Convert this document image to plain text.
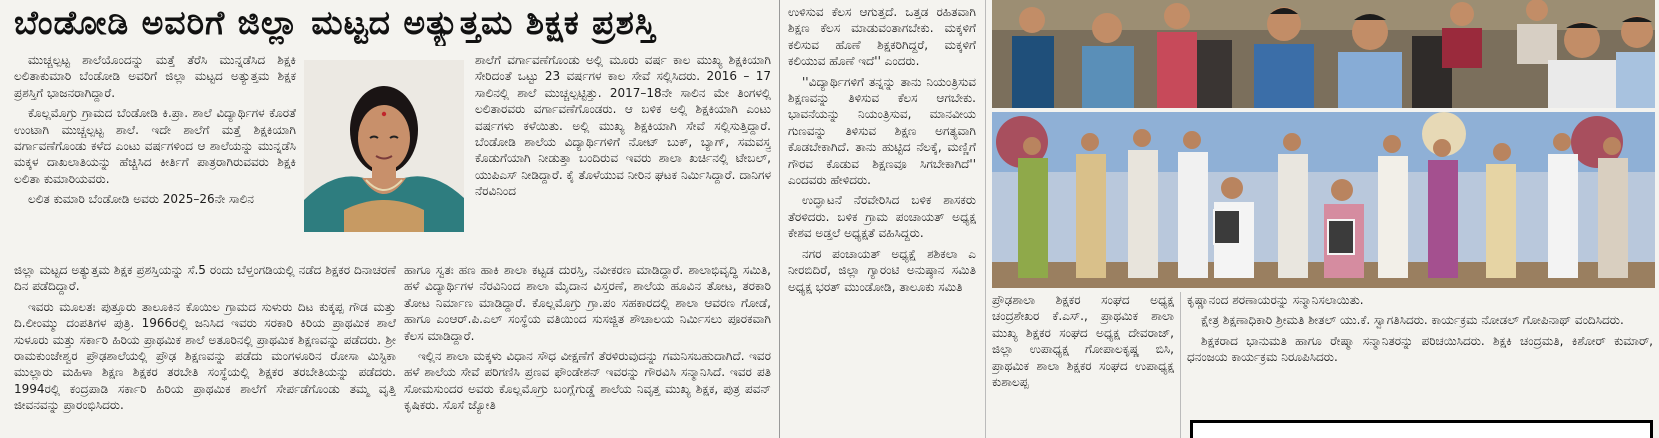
ಬೆಂಡೋಡಿ ಅವರಿಗೆ ಜಿಲ್ಲಾ ಮಟ್ಟದ ಅತ್ಯುತ್ತಮ ಶಿಕ್ಷಕ ಪ್ರಶಸ್ತಿ

ಮುಚ್ಚಲ್ಪಟ್ಟ ಶಾಲೆಯೊಂದನ್ನು ಮತ್ತೆ ತೆರೆಸಿ ಮುನ್ನಡೆಸಿದ ಶಿಕ್ಷಕಿ ಲಲಿತಾಕುಮಾರಿ ಬೆಂಡೋಡಿ ಅವರಿಗೆ ಜಿಲ್ಲಾ ಮಟ್ಟದ ಅತ್ಯುತ್ತಮ ಶಿಕ್ಷಕ ಪ್ರಶಸ್ತಿಗೆ ಭಾಜನರಾಗಿದ್ದಾರೆ.

ಕೊಲ್ಲಮೊಗ್ರು ಗ್ರಾಮದ ಬೆಂಡೋಡಿ ಕಿ.ಪ್ರಾ. ಶಾಲೆ ವಿದ್ಯಾರ್ಥಿಗಳ ಕೊರತೆ ಉಂಟಾಗಿ ಮುಚ್ಚಲ್ಪಟ್ಟ ಶಾಲೆ. ಇದೇ ಶಾಲೆಗೆ ಮತ್ತೆ ಶಿಕ್ಷಕಿಯಾಗಿ ವರ್ಗಾವಣೆಗೊಂಡು ಕಳೆದ ಎಂಟು ವರ್ಷಗಳಿಂದ ಆ ಶಾಲೆಯನ್ನು ಮುನ್ನಡೆಸಿ ಮಕ್ಕಳ ದಾಖಲಾತಿಯನ್ನು ಹೆಚ್ಚಿಸಿದ ಕೀರ್ತಿಗೆ ಪಾತ್ರರಾಗಿರುವವರು ಶಿಕ್ಷಕಿ ಲಲಿತಾ ಕುಮಾರಿಯವರು.

ಲಲಿತ ಕುಮಾರಿ ಬೆಂಡೋಡಿ ಅವರು 2025–26ನೇ ಸಾಲಿನ

ಶಾಲೆಗೆ ವರ್ಗಾವಣೆಗೊಂಡು ಅಲ್ಲಿ ಮೂರು ವರ್ಷ ಕಾಲ ಮುಖ್ಯ ಶಿಕ್ಷಕಿಯಾಗಿ ಸೇರಿದಂತೆ ಒಟ್ಟು 23 ವರ್ಷಗಳ ಕಾಲ ಸೇವೆ ಸಲ್ಲಿಸಿದರು. 2016 – 17 ಸಾಲಿನಲ್ಲಿ ಶಾಲೆ ಮುಚ್ಚಲ್ಪಟ್ಟಿತ್ತು. 2017–18ನೇ ಸಾಲಿನ ಮೇ ತಿಂಗಳಲ್ಲಿ ಲಲಿತಾರವರು ವರ್ಗಾವಣೆಗೊಂಡರು. ಆ ಬಳಿಕ ಅಲ್ಲಿ ಶಿಕ್ಷಕಿಯಾಗಿ ಎಂಟು ವರ್ಷಗಳು ಕಳೆಯಿತು. ಅಲ್ಲಿ ಮುಖ್ಯ ಶಿಕ್ಷಕಿಯಾಗಿ ಸೇವೆ ಸಲ್ಲಿಸುತ್ತಿದ್ದಾರೆ. ಬೆಂಡೋಡಿ ಶಾಲೆಯ ವಿದ್ಯಾರ್ಥಿಗಳಿಗೆ ನೋಟ್ ಬುಕ್, ಬ್ಯಾಗ್, ಸಮವಸ್ತ್ರ ಕೊಡುಗೆಯಾಗಿ ನೀಡುತ್ತಾ ಬಂದಿರುವ ಇವರು ಶಾಲಾ ಖರ್ಚಿನಲ್ಲಿ ಟೇಬಲ್, ಯುಪಿಎಸ್ ನೀಡಿದ್ದಾರೆ. ಕೈ ತೊಳೆಯುವ ನೀರಿನ ಘಟಕ ನಿರ್ಮಿಸಿದ್ದಾರೆ. ದಾನಿಗಳ ನೆರವಿನಿಂದ

ಜಿಲ್ಲಾ ಮಟ್ಟದ ಅತ್ಯುತ್ತಮ ಶಿಕ್ಷಕ ಪ್ರಶಸ್ತಿಯನ್ನು ಸೆ.5 ರಂದು ಬೆಳ್ತಂಗಡಿಯಲ್ಲಿ ನಡೆದ ಶಿಕ್ಷಕರ ದಿನಾಚರಣೆ ದಿನ ಪಡೆದಿದ್ದಾರೆ.

ಇವರು ಮೂಲತಃ ಪುತ್ತೂರು ತಾಲೂಕಿನ ಕೊಯಿಲ ಗ್ರಾಮದ ಸುಳುರು ದಿಟ ಕುಕ್ಕಪ್ಪ ಗೌಡ ಮತ್ತು ದಿ.ಲೀಂಮ್ಮು ದಂಪತಿಗಳ ಪುತ್ರಿ. 1966ರಲ್ಲಿ ಜನಿಸಿದ ಇವರು ಸರಕಾರಿ ಕಿರಿಯ ಪ್ರಾಥಮಿಕ ಶಾಲೆ ಸುಳೂರು ಮತ್ತು ಸರ್ಕಾರಿ ಹಿರಿಯ ಪ್ರಾಥಮಿಕ ಶಾಲೆ ಅತೂರಿನಲ್ಲಿ ಪ್ರಾಥಮಿಕ ಶಿಕ್ಷಣವನ್ನು ಪಡೆದರು. ಶ್ರೀ ರಾಮಕುಂಜೇಶ್ವರ ಪ್ರೌಢಶಾಲೆಯಲ್ಲಿ ಪ್ರೌಢ ಶಿಕ್ಷಣವನ್ನು ಪಡೆದು ಮಂಗಳೂರಿನ ರೋಸಾ ಮಿಸ್ಟಿಕಾ ಮುಲ್ಲಾರು ಮಹಿಳಾ ಶಿಕ್ಷಣ ಶಿಕ್ಷಕರ ತರಬೇತಿ ಸಂಸ್ಥೆಯಲ್ಲಿ ಶಿಕ್ಷಕರ ತರಬೇತಿಯನ್ನು ಪಡೆದರು. 1994ರಲ್ಲಿ ಕಂದ್ರಪಾಡಿ ಸರ್ಕಾರಿ ಹಿರಿಯ ಪ್ರಾಥಮಿಕ ಶಾಲೆಗೆ ಸೇರ್ಪಡೆಗೊಂಡು ತಮ್ಮ ವೃತ್ತಿ ಜೀವನವನ್ನು ಪ್ರಾರಂಭಿಸಿದರು.

ಹಾಗೂ ಸ್ವತಃ ಹಣ ಹಾಕಿ ಶಾಲಾ ಕಟ್ಟಡ ದುರಸ್ತಿ, ನವೀಕರಣ ಮಾಡಿದ್ದಾರೆ. ಶಾಲಾಭಿವೃದ್ಧಿ ಸಮಿತಿ, ಹಳೆ ವಿದ್ಯಾರ್ಥಿಗಳ ನೆರವಿನಿಂದ ಶಾಲಾ ಮೈದಾನ ವಿಸ್ತರಣೆ, ಶಾಲೆಯ ಹೂವಿನ ತೋಟ, ತರಕಾರಿ ತೋಟ ನಿರ್ಮಾಣ ಮಾಡಿದ್ದಾರೆ. ಕೊಲ್ಲಮೊಗ್ರು ಗ್ರಾ.ಪಂ ಸಹಕಾರದಲ್ಲಿ ಶಾಲಾ ಆವರಣ ಗೋಡೆ, ಹಾಗೂ ಎಂಆರ್.ಪಿ.ಎಲ್ ಸಂಸ್ಥೆಯ ವತಿಯಿಂದ ಸುಸಜ್ಜಿತ ಶೌಚಾಲಯ ನಿರ್ಮಿಸಲು ಪೂರಕವಾಗಿ ಕೆಲಸ ಮಾಡಿದ್ದಾರೆ.

ಇಲ್ಲಿನ ಶಾಲಾ ಮಕ್ಕಳು ವಿಧಾನ ಸೌಧ ವೀಕ್ಷಣೆಗೆ ತೆರಳಿರುವುದನ್ನು ಗಮನಿಸಬಹುದಾಗಿದೆ. ಇವರ ಹಳೆ ಶಾಲೆಯ ಸೇವೆ ಪರಿಗಣಿಸಿ ಪ್ರಣವ ಫೌಂಡೇಶನ್ ಇವರನ್ನು ಗೌರವಿಸಿ ಸನ್ಮಾನಿಸಿದೆ. ಇವರ ಪತಿ ಸೋಮಸುಂದರ ಅವರು ಕೊಲ್ಲಮೊಗ್ರು ಬಂಗ್ಲೆಗುಡ್ಡೆ ಶಾಲೆಯ ನಿವೃತ್ತ ಮುಖ್ಯ ಶಿಕ್ಷಕ, ಪುತ್ರ ಪವನ್ ಕೃಷಿಕರು. ಸೊಸೆ ಜ್ಯೋತಿ

ಉಳಿಸುವ ಕೆಲಸ ಆಗುತ್ತದೆ. ಒತ್ತಡ ರಹಿತವಾಗಿ ಶಿಕ್ಷಣ ಕೆಲಸ ಮಾಡುವಂತಾಗಬೇಕು. ಮಕ್ಕಳಿಗೆ ಕಲಿಸುವ ಹೊಣೆ ಶಿಕ್ಷಕರಿಗಿದ್ದರೆ, ಮಕ್ಕಳಿಗೆ ಕಲಿಯುವ ಹೊಣೆ ಇದೆ'' ಎಂದರು.

''ವಿದ್ಯಾರ್ಥಿಗಳಿಗೆ ತನ್ನನ್ನು ತಾನು ನಿಯಂತ್ರಿಸುವ ಶಿಕ್ಷಣವನ್ನು ತಿಳಿಸುವ ಕೆಲಸ ಆಗಬೇಕು. ಭಾವನೆಯನ್ನು ನಿಯಂತ್ರಿಸುವ, ಮಾನವೀಯ ಗುಣವನ್ನು ತಿಳಿಸುವ ಶಿಕ್ಷಣ ಅಗತ್ಯವಾಗಿ ಕೊಡಬೇಕಾಗಿದೆ. ತಾನು ಹುಟ್ಟಿದ ನೆಲಕ್ಕೆ, ಮಣ್ಣಿಗೆ ಗೌರವ ಕೊಡುವ ಶಿಕ್ಷಣವೂ ಸಿಗಬೇಕಾಗಿದೆ'' ಎಂದವರು ಹೇಳಿದರು.

ಉದ್ಘಾಟನೆ ನೆರವೇರಿಸಿದ ಬಳಿಕ ಶಾಸಕರು ತೆರಳಿದರು. ಬಳಿಕ ಗ್ರಾಮ ಪಂಚಾಯತ್ ಅಧ್ಯಕ್ಷ ಕೇಶವ ಅಡ್ತಲೆ ಅಧ್ಯಕ್ಷತೆ ವಹಿಸಿದ್ದರು.

ನಗರ ಪಂಚಾಯತ್ ಅಧ್ಯಕ್ಷೆ ಶಶಿಕಲಾ ಎ ನೀರಬಿದಿರೆ, ಜಿಲ್ಲಾ ಗ್ಯಾರಂಟಿ ಅನುಷ್ಠಾನ ಸಮಿತಿ ಅಧ್ಯಕ್ಷ ಭರತ್ ಮುಂಡೋಡಿ, ತಾಲೂಕು ಸಮಿತಿ

ಪ್ರೌಢಶಾಲಾ ಶಿಕ್ಷಕರ ಸಂಘದ ಅಧ್ಯಕ್ಷ ಚಂದ್ರಶೇಖರ ಕೆ.ಎಸ್., ಪ್ರಾಥಮಿಕ ಶಾಲಾ ಮುಖ್ಯ ಶಿಕ್ಷಕರ ಸಂಘದ ಅಧ್ಯಕ್ಷ ದೇವರಾಜ್, ಜಿಲ್ಲಾ ಉಪಾಧ್ಯಕ್ಷ ಗೋಪಾಲಕೃಷ್ಣ ಬಿಸಿ, ಪ್ರಾಥಮಿಕ ಶಾಲಾ ಶಿಕ್ಷಕರ ಸಂಘದ ಉಪಾಧ್ಯಕ್ಷ ಕುಶಾಲಪ್ಪ

ಕೃಷ್ಣಾನಂದ ಶರಣಾಯರನ್ನು ಸನ್ಮಾನಿಸಲಾಯಿತು.

ಕ್ಷೇತ್ರ ಶಿಕ್ಷಣಾಧಿಕಾರಿ ಶ್ರೀಮತಿ ಶೀತಲ್ ಯು.ಕೆ. ಸ್ವಾಗತಿಸಿದರು. ಕಾರ್ಯಕ್ರಮ ನೋಡಲ್ ಗೋಪಿನಾಥ್ ವಂದಿಸಿದರು.

ಶಿಕ್ಷಕರಾದ ಭಾನುಮತಿ ಹಾಗೂ ರೇಷ್ಮಾ ಸನ್ಮಾನಿತರನ್ನು ಪರಿಚಯಿಸಿದರು. ಶಿಕ್ಷಕಿ ಚಂದ್ರಮತಿ, ಕಿಶೋರ್ ಕುಮಾರ್, ಧನಂಜಯ ಕಾರ್ಯಕ್ರಮ ನಿರೂಪಿಸಿದರು.
